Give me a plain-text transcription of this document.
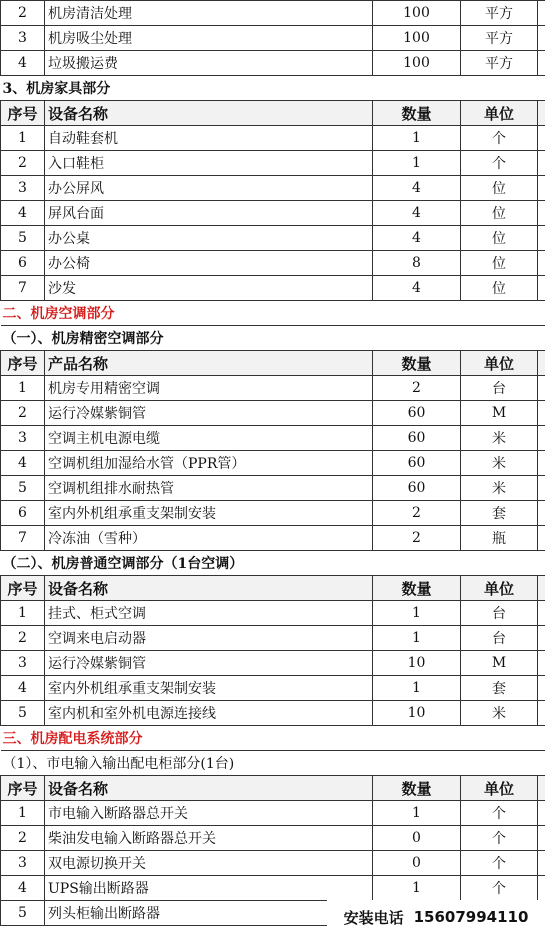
2	机房清洁处理	100	平方	
3	机房吸尘处理	100	平方	
4	垃圾搬运费	100	平方	
3、机房家具部分				
序号	设备名称	数量	单位	
1	自动鞋套机	1	个	
2	入口鞋柜	1	个	
3	办公屏风	4	位	
4	屏风台面	4	位	
5	办公桌	4	位	
6	办公椅	8	位	
7	沙发	4	位	
二、机房空调部分				
（一）、机房精密空调部分				
序号	产品名称	数量	单位	
1	机房专用精密空调	2	台	
2	运行冷媒紫铜管	60	M	
3	空调主机电源电缆	60	米	
4	空调机组加湿给水管（PPR管）	60	米	
5	空调机组排水耐热管	60	米	
6	室内外机组承重支架制安装	2	套	
7	冷冻油（雪种）	2	瓶	
（二）、机房普通空调部分（1台空调）				
序号	设备名称	数量	单位	
1	挂式、柜式空调	1	台	
2	空调来电启动器	1	台	
3	运行冷媒紫铜管	10	M	
4	室内外机组承重支架制安装	1	套	
5	室内机和室外机电源连接线	10	米	
三、机房配电系统部分				
（1）、市电输入输出配电柜部分(1台)				
序号	设备名称	数量	单位	
1	市电输入断路器总开关	1	个	
2	柴油发电输入断路器总开关	0	个	
3	双电源切换开关	0	个	
4	UPS输出断路器	1	个	
5	列头柜输出断路器				安装电话 15607994110
